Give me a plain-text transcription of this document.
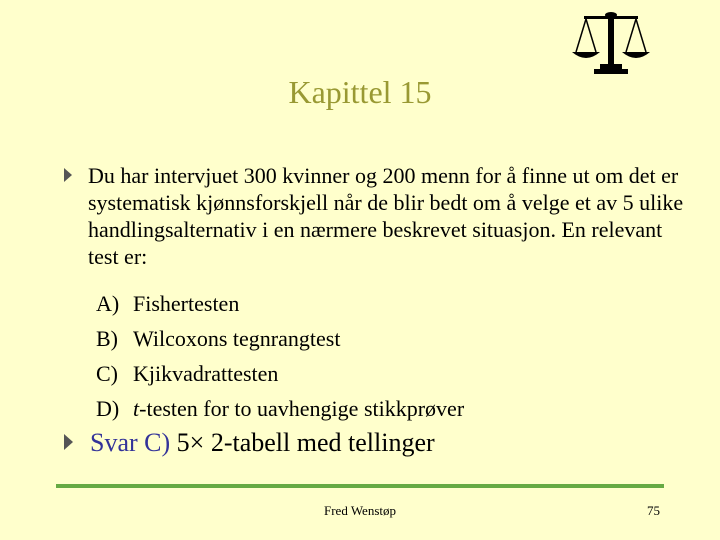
Kapittel 15
Du har intervjuet 300 kvinner og 200 menn for å finne ut om det er systematisk kjønnsforskjell når de blir bedt om å velge et av 5 ulike handlingsalternativ i en nærmere beskrevet situasjon. En relevant test er:
A) Fishertesten
B) Wilcoxons tegnrangtest
C) Kjikvadrattesten
D) t-testen for to uavhengige stikkprøver
Svar C) 5× 2-tabell med tellinger
Fred Wenstøp	75
